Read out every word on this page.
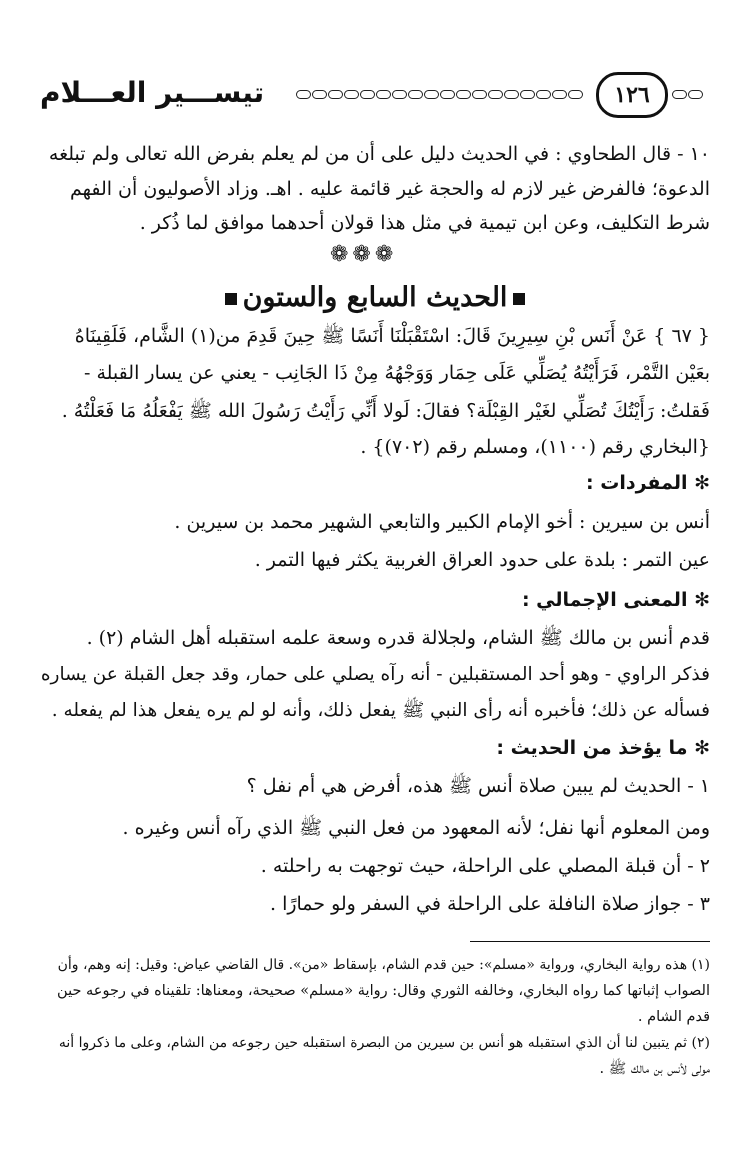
تيســـير العـــلام	١٢٦
١٠ - قال الطحاوي : في الحديث دليل على أن من لم يعلم بفرض الله تعالى ولم تبلغه
الدعوة؛ فالفرض غير لازم له والحجة غير قائمة عليه . اهـ. وزاد الأصوليون أن الفهم
شرط التكليف، وعن ابن تيمية في مثل هذا قولان أحدهما موافق لما ذُكر .
❁❁❁
الحديث السابع والستون
{ ٦٧ } عَنْ أَنَس بْنِ سِيرِينَ قَالَ: اسْتَقْبَلْنَا أَنَسًا ﷺ حِينَ قَدِمَ من(١) الشَّام، فَلَقِينَاهُ
بعَيْن التَّمْر، فَرَأَيْتُهُ يُصَلِّي عَلَى حِمَار وَوَجْهُهُ مِنْ ذَا الجَانِب - يعني عن يسار القبلة -
فَقلتُ: رَأَيْتُكَ تُصَلِّي لغَيْر القِبْلَة؟ فقالَ: لَولا أَنِّي رَأَيْتُ رَسُولَ الله ﷺ يَفْعَلُهُ مَا فَعَلْتُهُ .
{البخاري رقم (١١٠٠)، ومسلم رقم (٧٠٢)} .
✻ المفردات :
أنس بن سيرين : أخو الإمام الكبير والتابعي الشهير محمد بن سيرين .
عين التمر : بلدة على حدود العراق الغربية يكثر فيها التمر .
✻ المعنى الإجمالي :
قدم أنس بن مالك ﷺ الشام، ولجلالة قدره وسعة علمه استقبله أهل الشام (٢) .
فذكر الراوي - وهو أحد المستقبلين - أنه رآه يصلي على حمار، وقد جعل القبلة عن يساره
فسأله عن ذلك؛ فأخبره أنه رأى النبي ﷺ يفعل ذلك، وأنه لو لم يره يفعل هذا لم يفعله .
✻ ما يؤخذ من الحديث :
١ - الحديث لم يبين صلاة أنس ﷺ هذه، أفرض هي أم نفل ؟
ومن المعلوم أنها نفل؛ لأنه المعهود من فعل النبي ﷺ الذي رآه أنس وغيره .
٢ - أن قبلة المصلي على الراحلة، حيث توجهت به راحلته .
٣ - جواز صلاة النافلة على الراحلة في السفر ولو حمارًا .
(١) هذه رواية البخاري، ورواية «مسلم»: حين قدم الشام، بإسقاط «من». قال القاضي عياض: وقيل: إنه وهم، وأن
الصواب إثباتها كما رواه البخاري، وخالفه الثوري وقال: رواية «مسلم» صحيحة، ومعناها: تلقيناه في رجوعه حين
قدم الشام .
(٢) ثم يتبين لنا أن الذي استقبله هو أنس بن سيرين من البصرة استقبله حين رجوعه من الشام، وعلى ما ذكروا أنه
مولى لأنس بن مالك ﷺ .
